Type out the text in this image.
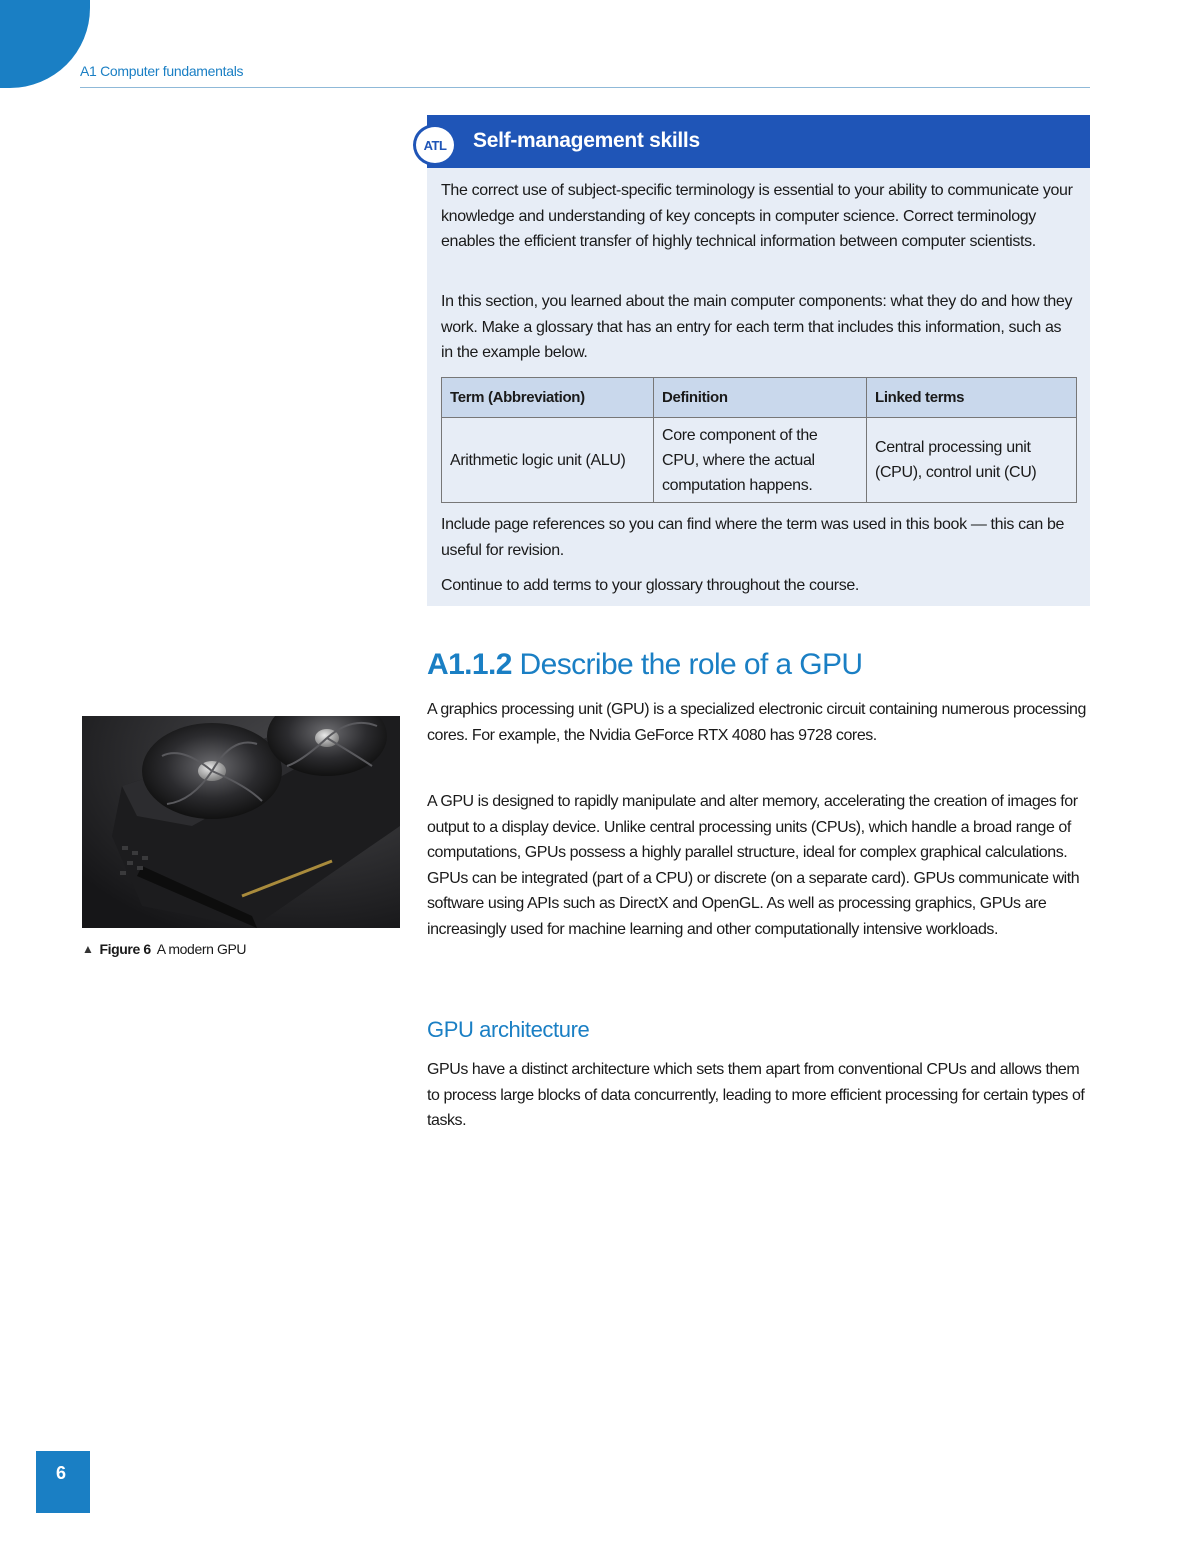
A1 Computer fundamentals
ATL Self-management skills

The correct use of subject-specific terminology is essential to your ability to communicate your knowledge and understanding of key concepts in computer science. Correct terminology enables the efficient transfer of highly technical information between computer scientists.

In this section, you learned about the main computer components: what they do and how they work. Make a glossary that has an entry for each term that includes this information, such as in the example below.

Term (Abbreviation)	Definition	Linked terms
Arithmetic logic unit (ALU)	Core component of the CPU, where the actual computation happens.	Central processing unit (CPU), control unit (CU)

Include page references so you can find where the term was used in this book — this can be useful for revision.

Continue to add terms to your glossary throughout the course.

A1.1.2 Describe the role of a GPU

A graphics processing unit (GPU) is a specialized electronic circuit containing numerous processing cores. For example, the Nvidia GeForce RTX 4080 has 9728 cores.

A GPU is designed to rapidly manipulate and alter memory, accelerating the creation of images for output to a display device. Unlike central processing units (CPUs), which handle a broad range of computations, GPUs possess a highly parallel structure, ideal for complex graphical calculations. GPUs can be integrated (part of a CPU) or discrete (on a separate card). GPUs communicate with software using APIs such as DirectX and OpenGL. As well as processing graphics, GPUs are increasingly used for machine learning and other computationally intensive workloads.

GPU architecture

GPUs have a distinct architecture which sets them apart from conventional CPUs and allows them to process large blocks of data concurrently, leading to more efficient processing for certain types of tasks.

▲ Figure 6 A modern GPU
6
